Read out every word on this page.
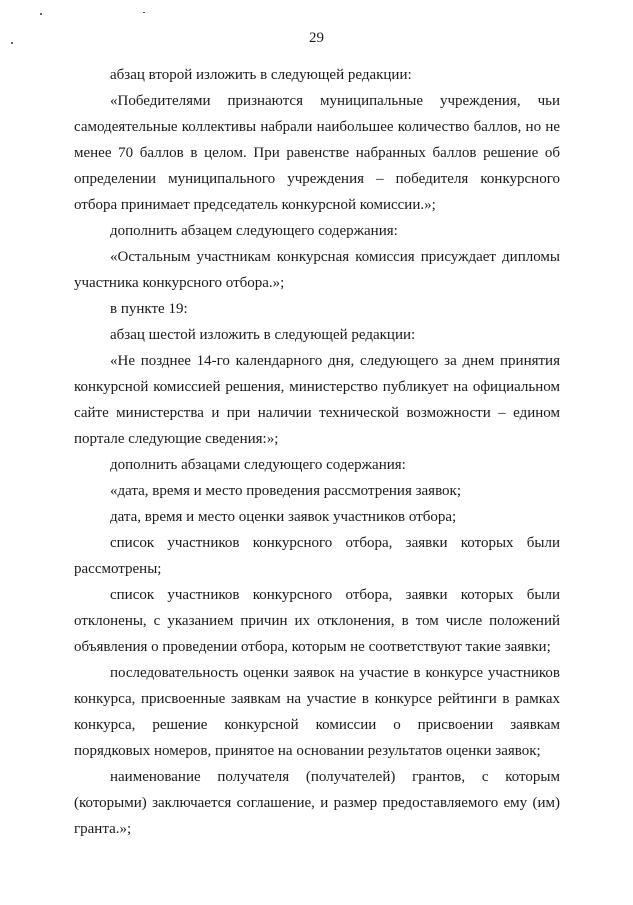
29

абзац второй изложить в следующей редакции:

«Победителями признаются муниципальные учреждения, чьи самодеятельные коллективы набрали наибольшее количество баллов, но не менее 70 баллов в целом. При равенстве набранных баллов решение об определении муниципального учреждения – победителя конкурсного отбора принимает председатель конкурсной комиссии.»;

дополнить абзацем следующего содержания:

«Остальным участникам конкурсная комиссия присуждает дипломы участника конкурсного отбора.»;

в пункте 19:

абзац шестой изложить в следующей редакции:

«Не позднее 14-го календарного дня, следующего за днем принятия конкурсной комиссией решения, министерство публикует на официальном сайте министерства и при наличии технической возможности – едином портале следующие сведения:»;

дополнить абзацами следующего содержания:

«дата, время и место проведения рассмотрения заявок;

дата, время и место оценки заявок участников отбора;

список участников конкурсного отбора, заявки которых были рассмотрены;

список участников конкурсного отбора, заявки которых были отклонены, с указанием причин их отклонения, в том числе положений объявления о проведении отбора, которым не соответствуют такие заявки;

последовательность оценки заявок на участие в конкурсе участников конкурса, присвоенные заявкам на участие в конкурсе рейтинги в рамках конкурса, решение конкурсной комиссии о присвоении заявкам порядковых номеров, принятое на основании результатов оценки заявок;

наименование получателя (получателей) грантов, с которым (которыми) заключается соглашение, и размер предоставляемого ему (им) гранта.»;
